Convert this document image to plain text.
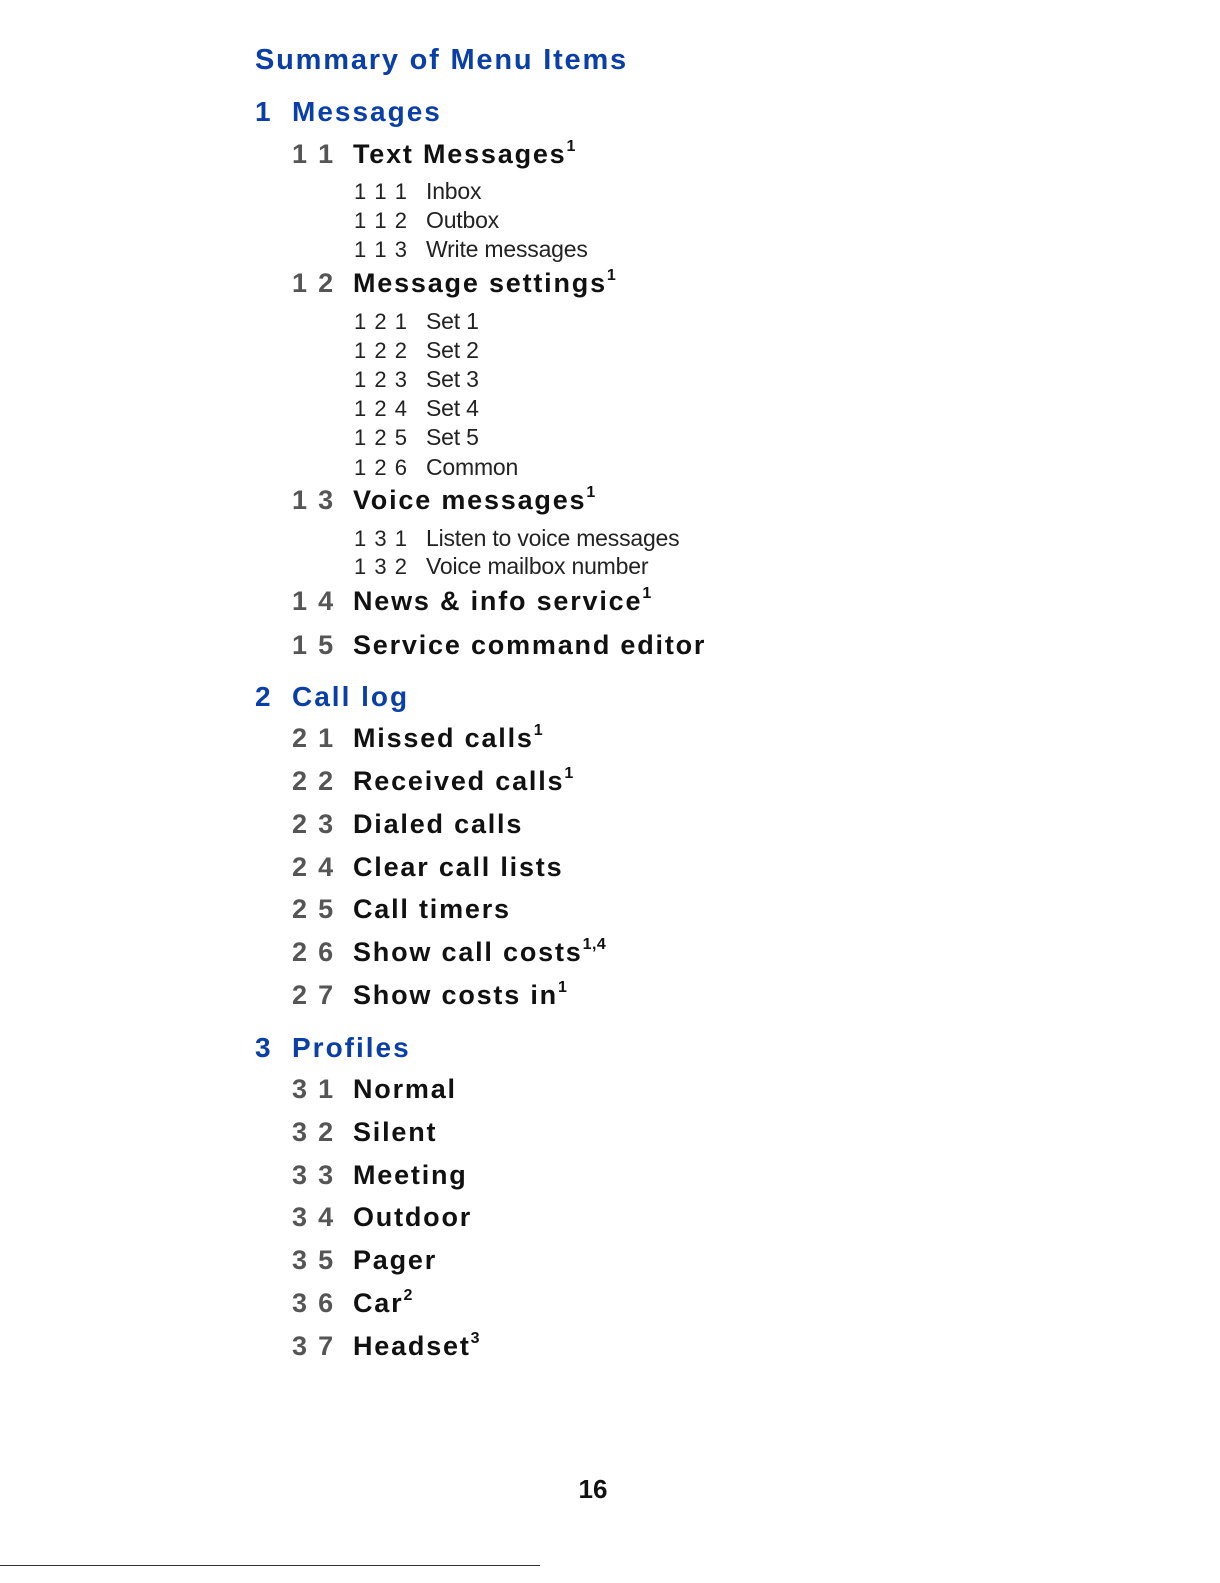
Summary of Menu Items
1 Messages
1 1 Text Messages$^1$
1 1 1 Inbox
1 1 2 Outbox
1 1 3 Write messages
1 2 Message settings$^1$
1 2 1 Set 1
1 2 2 Set 2
1 2 3 Set 3
1 2 4 Set 4
1 2 5 Set 5
1 2 6 Common
1 3 Voice messages$^1$
1 3 1 Listen to voice messages
1 3 2 Voice mailbox number
1 4 News & info service$^1$
1 5 Service command editor
2 Call log
2 1 Missed calls$^1$
2 2 Received calls$^1$
2 3 Dialed calls
2 4 Clear call lists
2 5 Call timers
2 6 Show call costs$^{1,4}$
2 7 Show costs $in^1$
3 Profiles
3 1 Normal
3 2 Silent
3 3 Meeting
3 4 Outdoor
3 5 Pager
3 6 Car$^2$
3 7 Headset$^3$
16
